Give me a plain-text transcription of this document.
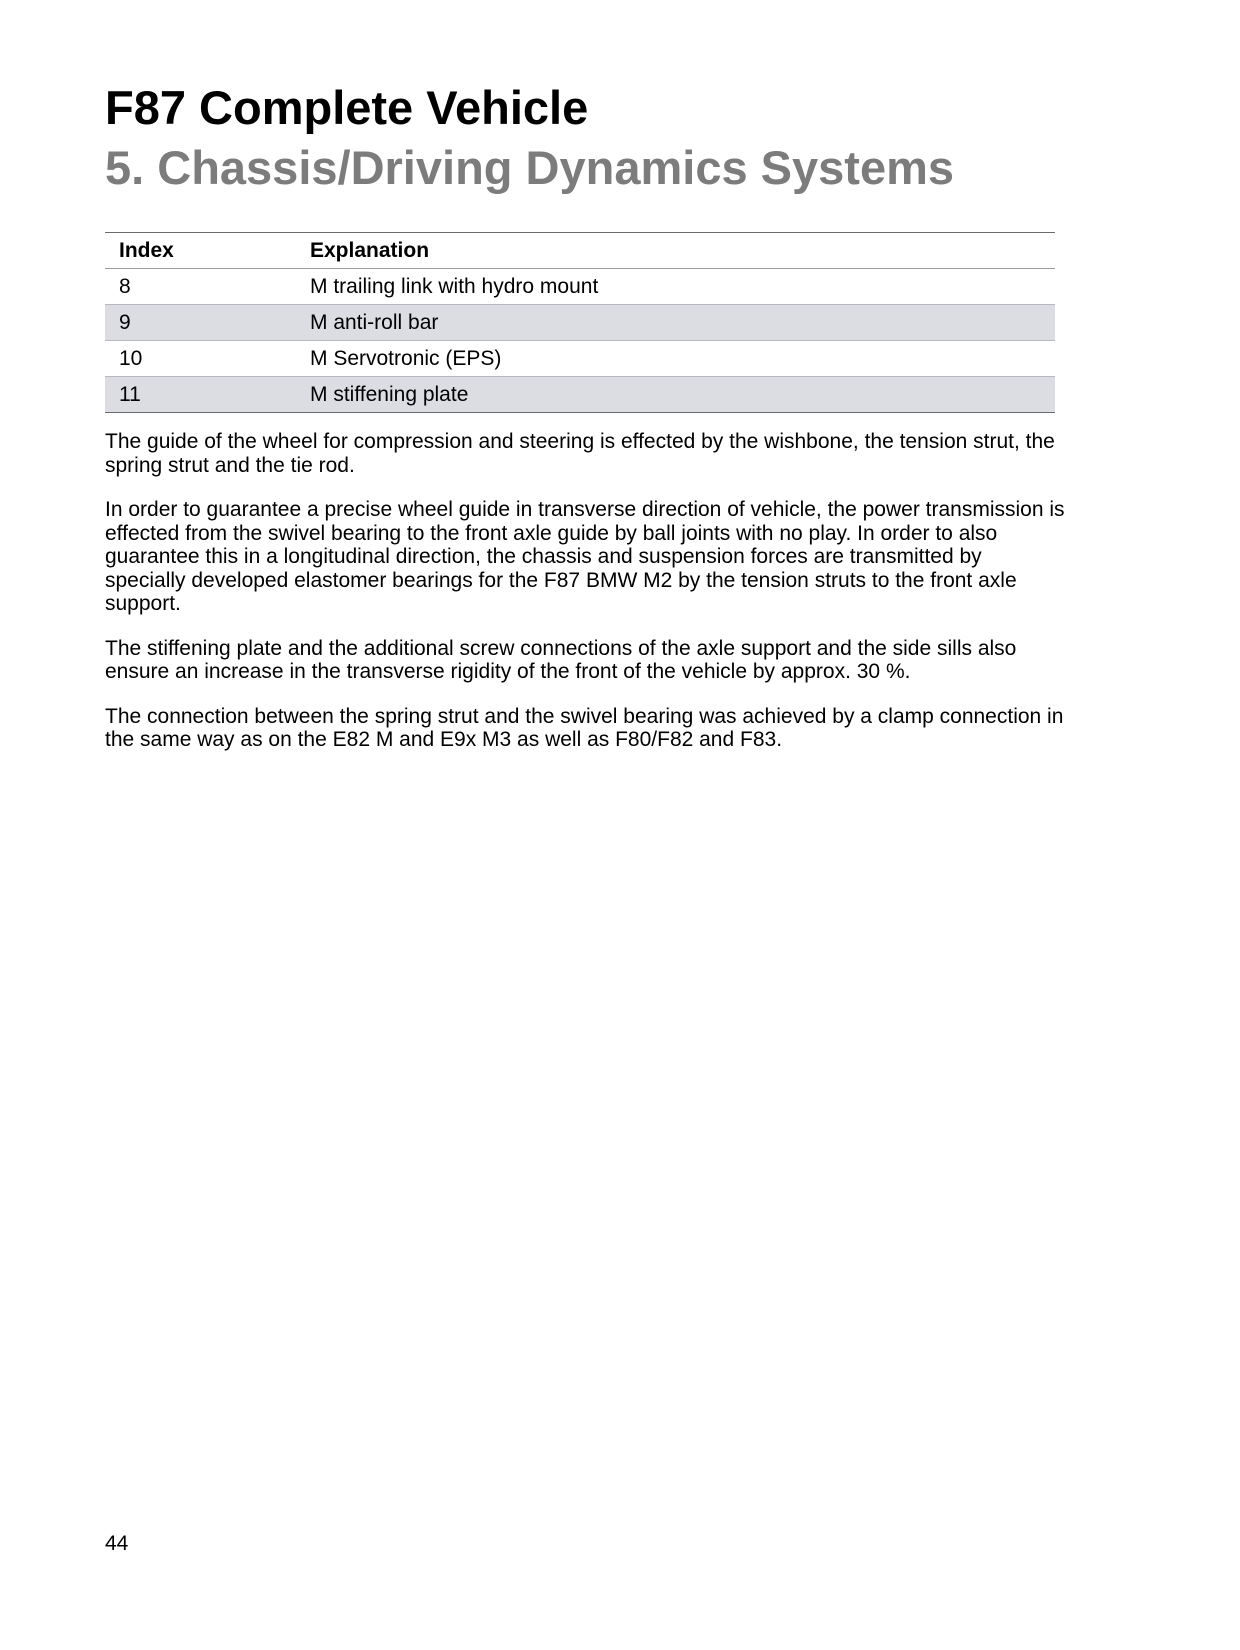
F87 Complete Vehicle
5. Chassis/Driving Dynamics Systems
Index	Explanation
8	M trailing link with hydro mount
9	M anti-roll bar
10	M Servotronic (EPS)
11	M stiffening plate

The guide of the wheel for compression and steering is effected by the wishbone, the tension strut, the spring strut and the tie rod.

In order to guarantee a precise wheel guide in transverse direction of vehicle, the power transmission is effected from the swivel bearing to the front axle guide by ball joints with no play. In order to also guarantee this in a longitudinal direction, the chassis and suspension forces are transmitted by specially developed elastomer bearings for the F87 BMW M2 by the tension struts to the front axle support.

The stiffening plate and the additional screw connections of the axle support and the side sills also ensure an increase in the transverse rigidity of the front of the vehicle by approx. 30 %.

The connection between the spring strut and the swivel bearing was achieved by a clamp connection in the same way as on the E82 M and E9x M3 as well as F80/F82 and F83.

44
